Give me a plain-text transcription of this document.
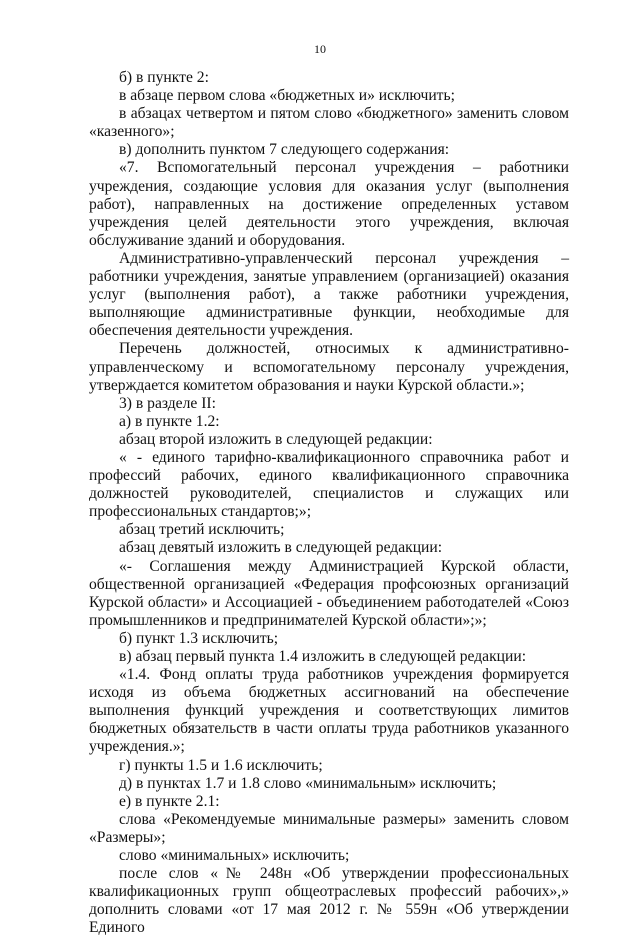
10

б) в пункте 2:

в абзаце первом слова «бюджетных и» исключить;

в абзацах четвертом и пятом слово «бюджетного» заменить словом «казенного»;

в) дополнить пунктом 7 следующего содержания:

«7. Вспомогательный персонал учреждения – работники учреждения, создающие условия для оказания услуг (выполнения работ), направленных на достижение определенных уставом учреждения целей деятельности этого учреждения, включая обслуживание зданий и оборудования.

Административно-управленческий персонал учреждения – работники учреждения, занятые управлением (организацией) оказания услуг (выполнения работ), а также работники учреждения, выполняющие административные функции, необходимые для обеспечения деятельности учреждения.

Перечень должностей, относимых к административно-управленческому и вспомогательному персоналу учреждения, утверждается комитетом образования и науки Курской области.»;

3) в разделе II:

а) в пункте 1.2:

абзац второй изложить в следующей редакции:

« - единого тарифно-квалификационного справочника работ и профессий рабочих, единого квалификационного справочника должностей руководителей, специалистов и служащих или профессиональных стандартов;»;

абзац третий исключить;

абзац девятый изложить в следующей редакции:

«- Соглашения между Администрацией Курской области, общественной организацией «Федерация профсоюзных организаций Курской области» и Ассоциацией - объединением работодателей «Союз промышленников и предпринимателей Курской области»;»;

б) пункт 1.3 исключить;

в) абзац первый пункта 1.4 изложить в следующей редакции:

«1.4. Фонд оплаты труда работников учреждения формируется исходя из объема бюджетных ассигнований на обеспечение выполнения функций учреждения и соответствующих лимитов бюджетных обязательств в части оплаты труда работников указанного учреждения.»;

г) пункты 1.5 и 1.6 исключить;

д) в пунктах 1.7 и 1.8 слово «минимальным» исключить;

е) в пункте 2.1:

слова «Рекомендуемые минимальные размеры» заменить словом «Размеры»;

слово «минимальных» исключить;

после слов «№ 248н «Об утверждении профессиональных квалификационных групп общеотраслевых профессий рабочих»,» дополнить словами «от 17 мая 2012 г. № 559н «Об утверждении Единого
